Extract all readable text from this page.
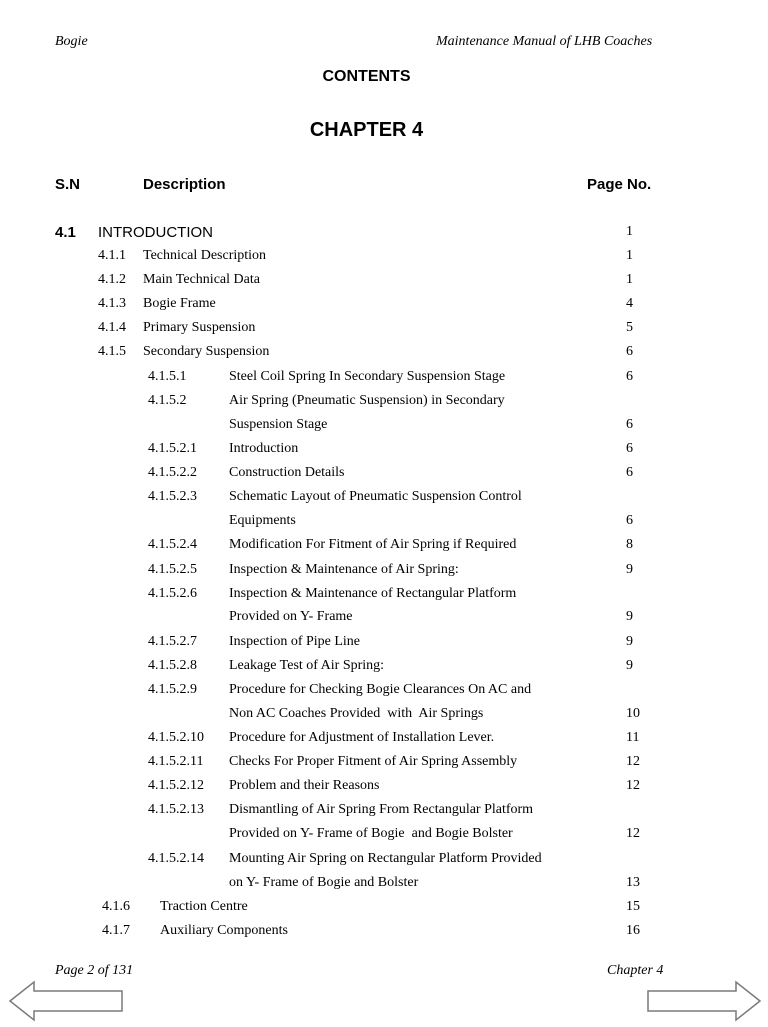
Bogie	Maintenance Manual of LHB Coaches
CONTENTS
CHAPTER 4
S.N	Description	Page No.
4.1 INTRODUCTION	1
4.1.1 Technical Description	1
4.1.2 Main Technical Data	1
4.1.3 Bogie Frame	4
4.1.4 Primary Suspension	5
4.1.5 Secondary Suspension	6
4.1.5.1	Steel Coil Spring In Secondary Suspension Stage	6
4.1.5.2	Air Spring (Pneumatic Suspension) in Secondary
Suspension Stage	6
4.1.5.2.1 Introduction	6
4.1.5.2.2 Construction Details	6
4.1.5.2.3 Schematic Layout of Pneumatic Suspension Control
Equipments	6
4.1.5.2.4 Modification For Fitment of Air Spring if Required	8
4.1.5.2.5 Inspection & Maintenance of Air Spring:	9
4.1.5.2.6 Inspection & Maintenance of Rectangular Platform
Provided on Y- Frame	9
4.1.5.2.7 Inspection of Pipe Line	9
4.1.5.2.8 Leakage Test of Air Spring:	9
4.1.5.2.9 Procedure for Checking Bogie Clearances On AC and
Non AC Coaches Provided  with  Air Springs	10
4.1.5.2.10 Procedure for Adjustment of Installation Lever.	11
4.1.5.2.11 Checks For Proper Fitment of Air Spring Assembly	12
4.1.5.2.12 Problem and their Reasons	12
4.1.5.2.13 Dismantling of Air Spring From Rectangular Platform
Provided on Y- Frame of Bogie  and Bogie Bolster	12
4.1.5.2.14 Mounting Air Spring on Rectangular Platform Provided
on Y- Frame of Bogie and Bolster	13
4.1.6 Traction Centre	15
4.1.7 Auxiliary Components	16
Page 2 of 131	Chapter 4
